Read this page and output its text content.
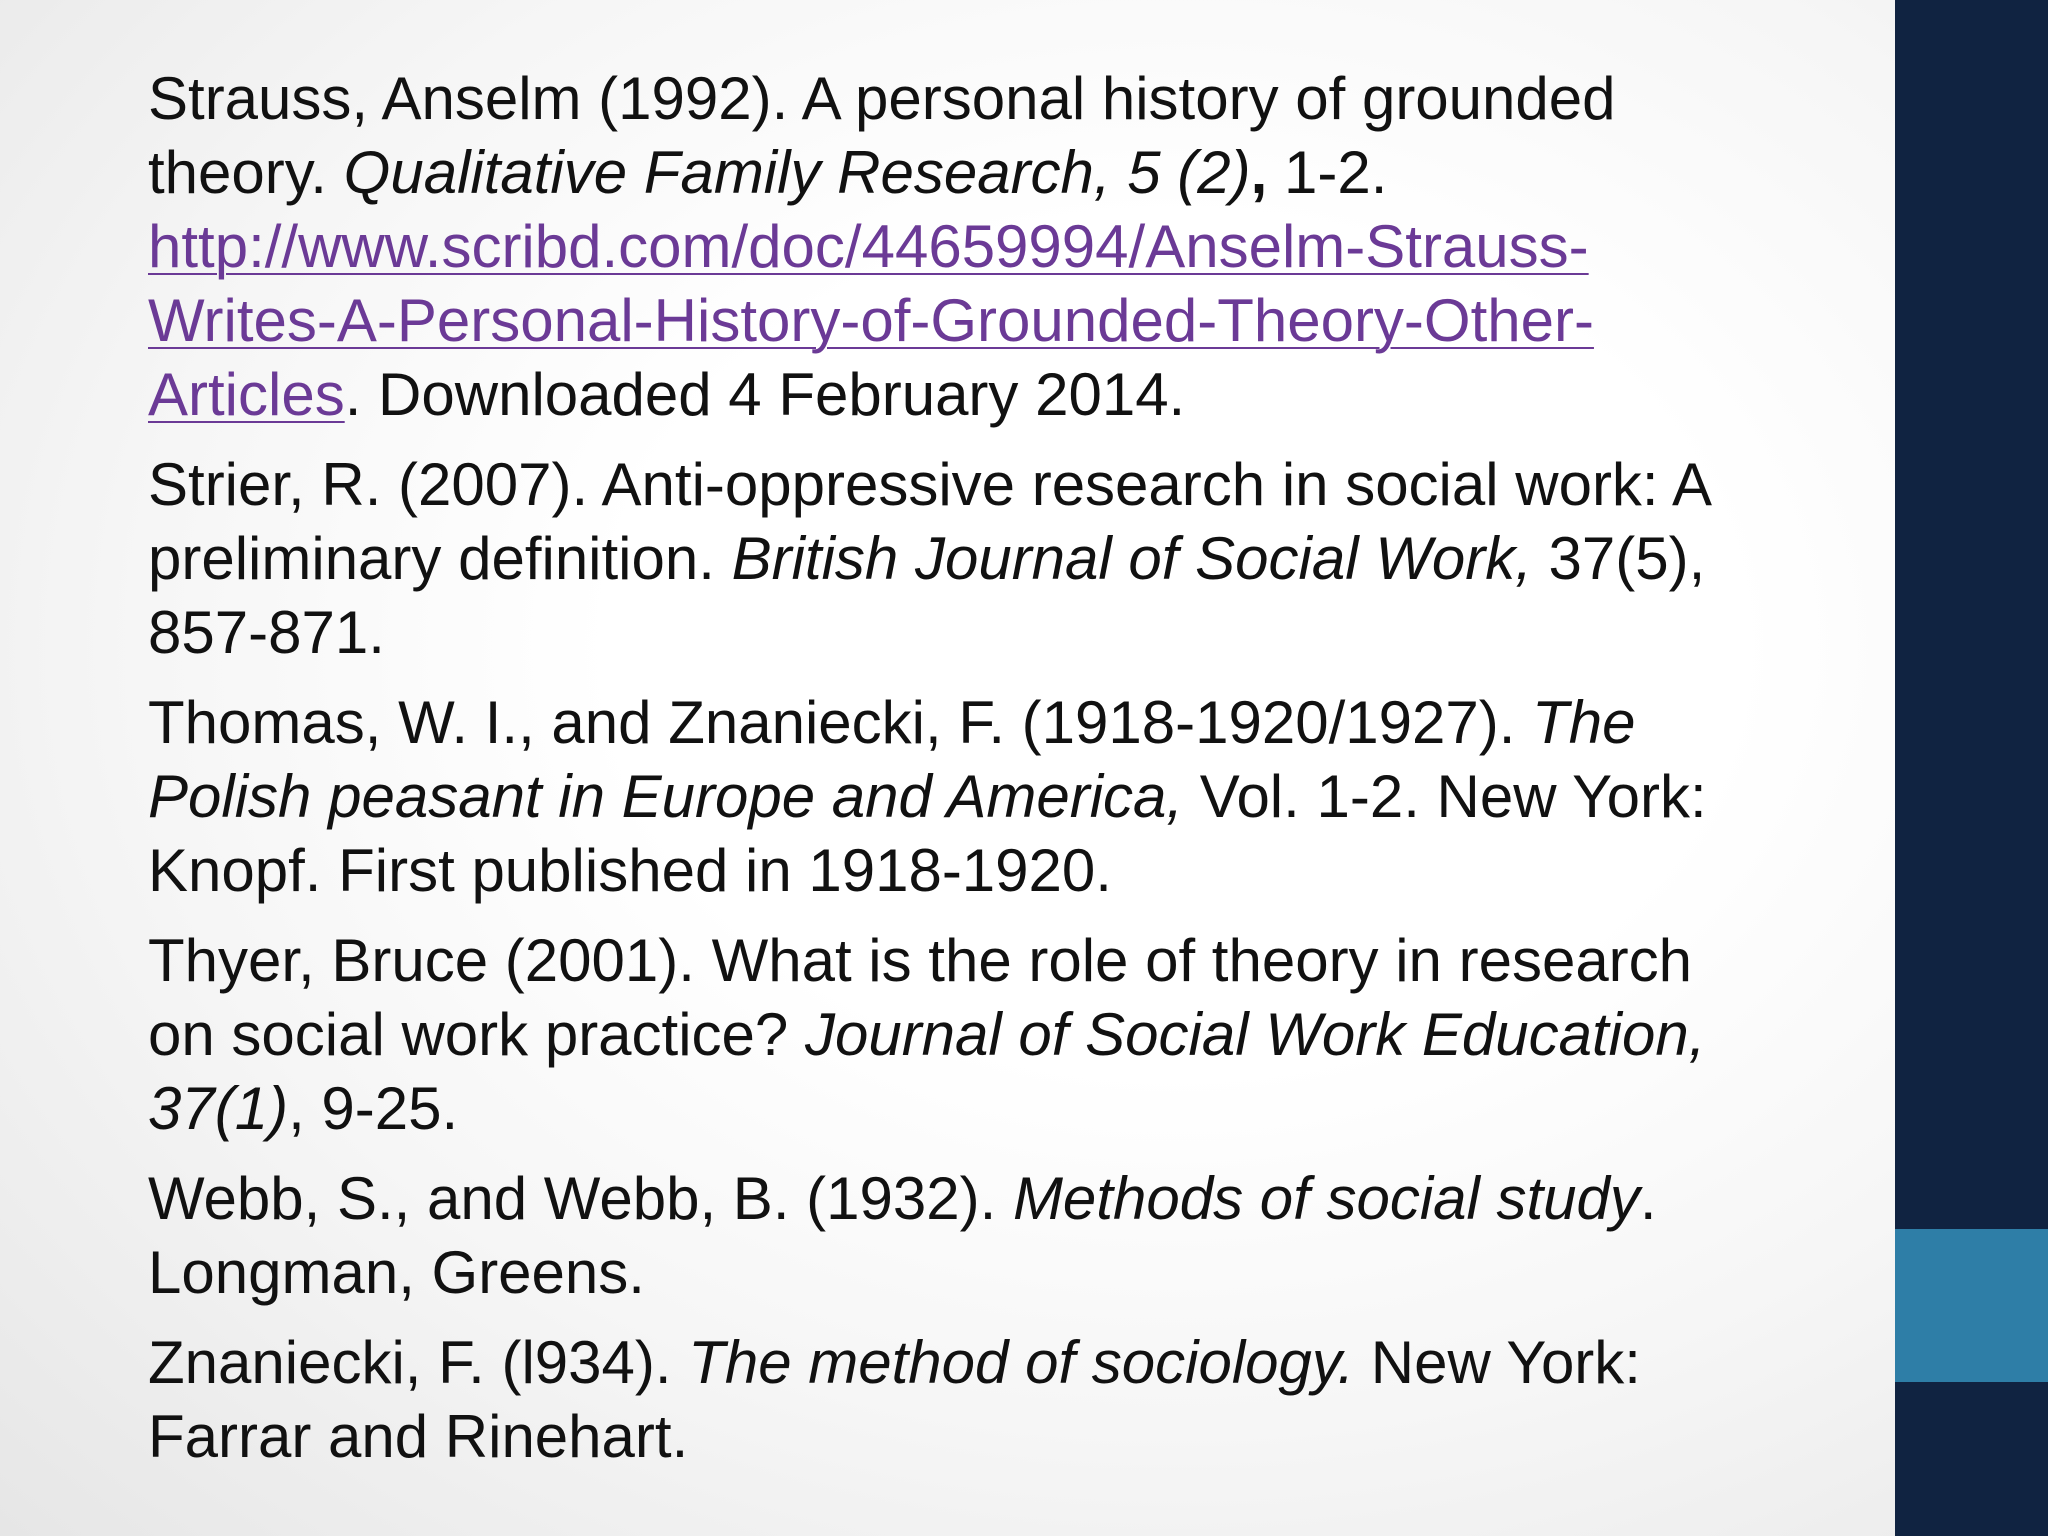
Strauss, Anselm (1992). A personal history of grounded
theory. Qualitative Family Research, 5 (2), 1-2.
http://www.scribd.com/doc/44659994/Anselm-Strauss-
Writes-A-Personal-History-of-Grounded-Theory-Other-
Articles. Downloaded 4 February 2014.
Strier, R. (2007). Anti-oppressive research in social work: A
preliminary definition. British Journal of Social Work, 37(5),
857-871.
Thomas, W. I., and Znaniecki, F. (1918-1920/1927). The
Polish peasant in Europe and America, Vol. 1-2. New York:
Knopf. First published in 1918-1920.
Thyer, Bruce (2001). What is the role of theory in research
on social work practice? Journal of Social Work Education,
37(1), 9-25.
Webb, S., and Webb, B. (1932). Methods of social study.
Longman, Greens.
Znaniecki, F. (l934). The method of sociology. New York:
Farrar and Rinehart.
